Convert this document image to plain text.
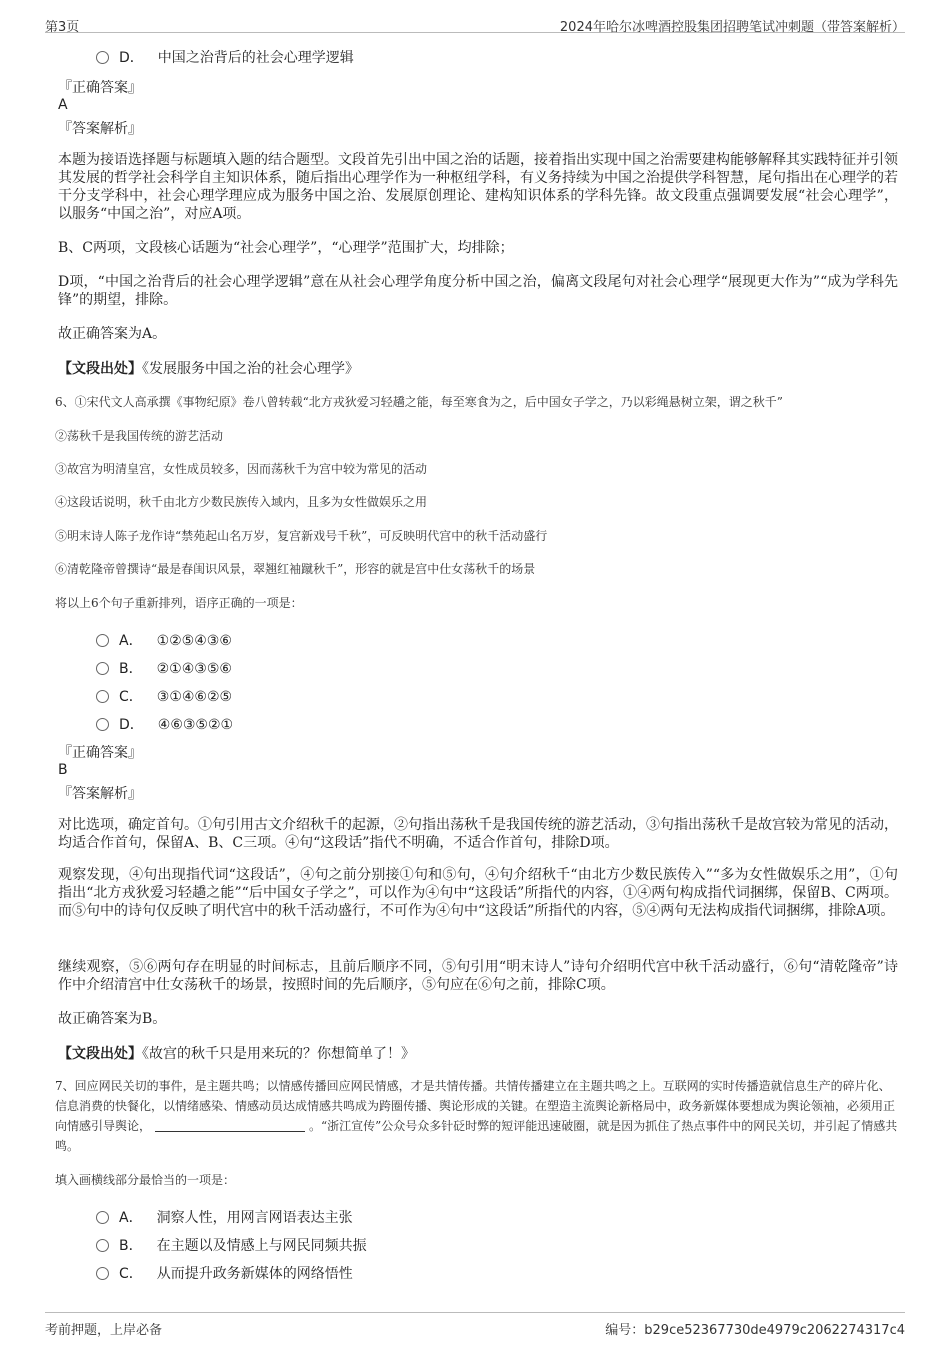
第3页	2024年哈尔冰啤酒控股集团招聘笔试冲刺题（带答案解析）
D． 中国之治背后的社会心理学逻辑
『正确答案』
A
『答案解析』
本题为接语选择题与标题填入题的结合题型。文段首先引出中国之治的话题，接着指出实现中国之治需要建构能够解释其实践特征并引领其发展的哲学社会科学自主知识体系，随后指出心理学作为一种枢纽学科，有义务持续为中国之治提供学科智慧，尾句指出在心理学的若干分支学科中，社会心理学理应成为服务中国之治、发展原创理论、建构知识体系的学科先锋。故文段重点强调要发展“社会心理学”，以服务“中国之治”，对应A项。
B、C两项，文段核心话题为“社会心理学”，“心理学”范围扩大，均排除；
D项，“中国之治背后的社会心理学逻辑”意在从社会心理学角度分析中国之治，偏离文段尾句对社会心理学“展现更大作为”“成为学科先锋”的期望，排除。
故正确答案为A。
【文段出处】《发展服务中国之治的社会心理学》
6、①宋代文人高承撰《事物纪原》卷八曾转载“北方戎狄爱习轻趫之能，每至寒食为之，后中国女子学之，乃以彩绳悬树立架，谓之秋千”
②荡秋千是我国传统的游艺活动
③故宫为明清皇宫，女性成员较多，因而荡秋千为宫中较为常见的活动
④这段话说明，秋千由北方少数民族传入域内，且多为女性做娱乐之用
⑤明末诗人陈子龙作诗“禁苑起山名万岁，复宫新戏号千秋”，可反映明代宫中的秋千活动盛行
⑥清乾隆帝曾撰诗“最是春闺识风景，翠翘红袖蹴秋千”，形容的就是宫中仕女荡秋千的场景
将以上6个句子重新排列，语序正确的一项是：
A． ①②⑤④③⑥
B． ②①④③⑤⑥
C． ③①④⑥②⑤
D． ④⑥③⑤②①
『正确答案』
B
『答案解析』
对比选项，确定首句。①句引用古文介绍秋千的起源，②句指出荡秋千是我国传统的游艺活动，③句指出荡秋千是故宫较为常见的活动，均适合作首句，保留A、B、C三项。④句“这段话”指代不明确，不适合作首句，排除D项。
观察发现，④句出现指代词“这段话”，④句之前分别接①句和⑤句，④句介绍秋千“由北方少数民族传入”“多为女性做娱乐之用”，①句指出“北方戎狄爱习轻趫之能”“后中国女子学之”，可以作为④句中“这段话”所指代的内容，①④两句构成指代词捆绑，保留B、C两项。而⑤句中的诗句仅反映了明代宫中的秋千活动盛行，不可作为④句中“这段话”所指代的内容，⑤④两句无法构成指代词捆绑，排除A项。
继续观察，⑤⑥两句存在明显的时间标志，且前后顺序不同，⑤句引用“明末诗人”诗句介绍明代宫中秋千活动盛行，⑥句“清乾隆帝”诗作中介绍清宫中仕女荡秋千的场景，按照时间的先后顺序，⑤句应在⑥句之前，排除C项。
故正确答案为B。
【文段出处】《故宫的秋千只是用来玩的？你想简单了！》
7、回应网民关切的事件，是主题共鸣；以情感传播回应网民情感，才是共情传播。共情传播建立在主题共鸣之上。互联网的实时传播造就信息生产的碎片化、信息消费的快餐化，以情绪感染、情感动员达成情感共鸣成为跨圈传播、舆论形成的关键。在塑造主流舆论新格局中，政务新媒体要想成为舆论领袖，必须用正向情感引导舆论，	。“浙江宣传”公众号众多针砭时弊的短评能迅速破圈，就是因为抓住了热点事件中的网民关切，并引起了情感共鸣。
填入画横线部分最恰当的一项是：
A． 洞察人性，用网言网语表达主张
B． 在主题以及情感上与网民同频共振
C． 从而提升政务新媒体的网络悟性
考前押题，上岸必备	编号：b29ce52367730de4979c2062274317c4
